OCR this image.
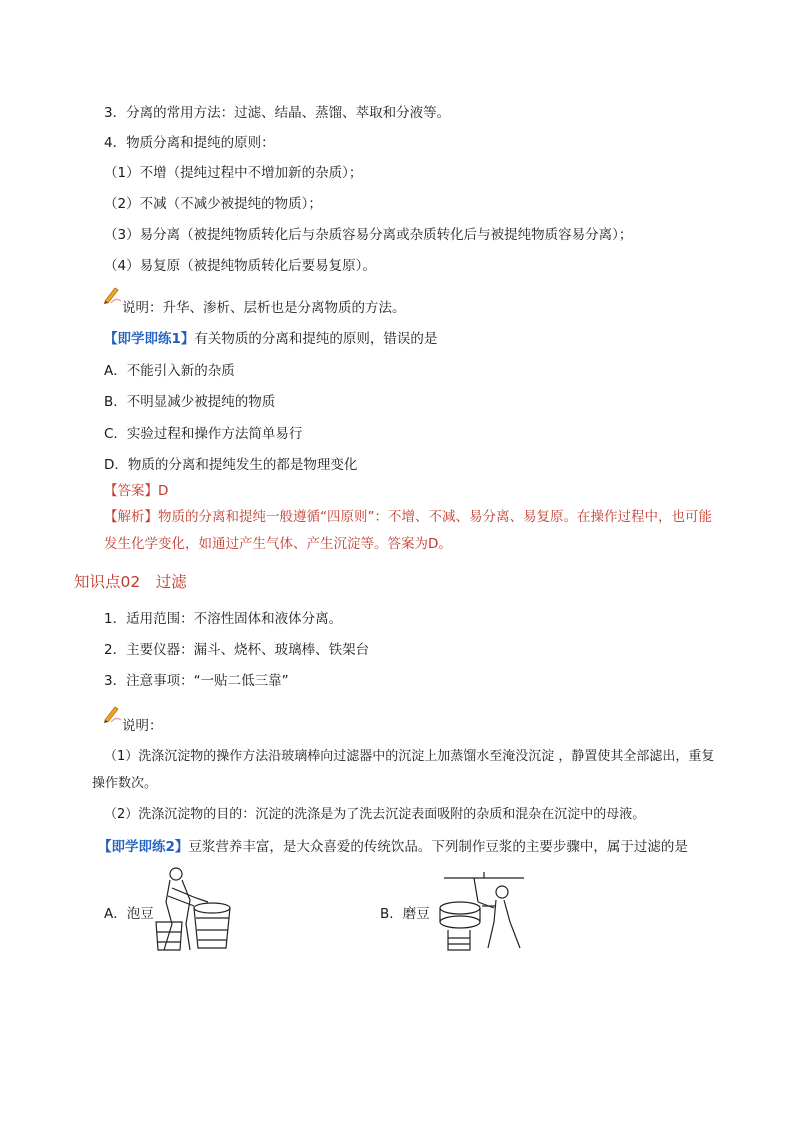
3．分离的常用方法：过滤、结晶、蒸馏、萃取和分液等。
4．物质分离和提纯的原则：
（1）不增（提纯过程中不增加新的杂质）；
（2）不减（不减少被提纯的物质）；
（3）易分离（被提纯物质转化后与杂质容易分离或杂质转化后与被提纯物质容易分离）；
（4）易复原（被提纯物质转化后要易复原）。
说明：升华、渗析、层析也是分离物质的方法。
【即学即练1】有关物质的分离和提纯的原则，错误的是
A．不能引入新的杂质
B．不明显减少被提纯的物质
C．实验过程和操作方法简单易行
D．物质的分离和提纯发生的都是物理变化
【答案】D
【解析】物质的分离和提纯一般遵循“四原则”：不增、不减、易分离、易复原。在操作过程中，也可能
发生化学变化，如通过产生气体、产生沉淀等。答案为D。
知识点02　过滤
1．适用范围：不溶性固体和液体分离。
2．主要仪器：漏斗、烧杯、玻璃棒、铁架台
3．注意事项：“一贴二低三靠”
说明：
（1）洗涤沉淀物的操作方法沿玻璃棒向过滤器中的沉淀上加蒸馏水至淹没沉淀 ，静置使其全部滤出，重复
操作数次。
（2）洗涤沉淀物的目的：沉淀的洗涤是为了洗去沉淀表面吸附的杂质和混杂在沉淀中的母液。
【即学即练2】豆浆营养丰富，是大众喜爱的传统饮品。下列制作豆浆的主要步骤中，属于过滤的是
A．泡豆	B．磨豆
